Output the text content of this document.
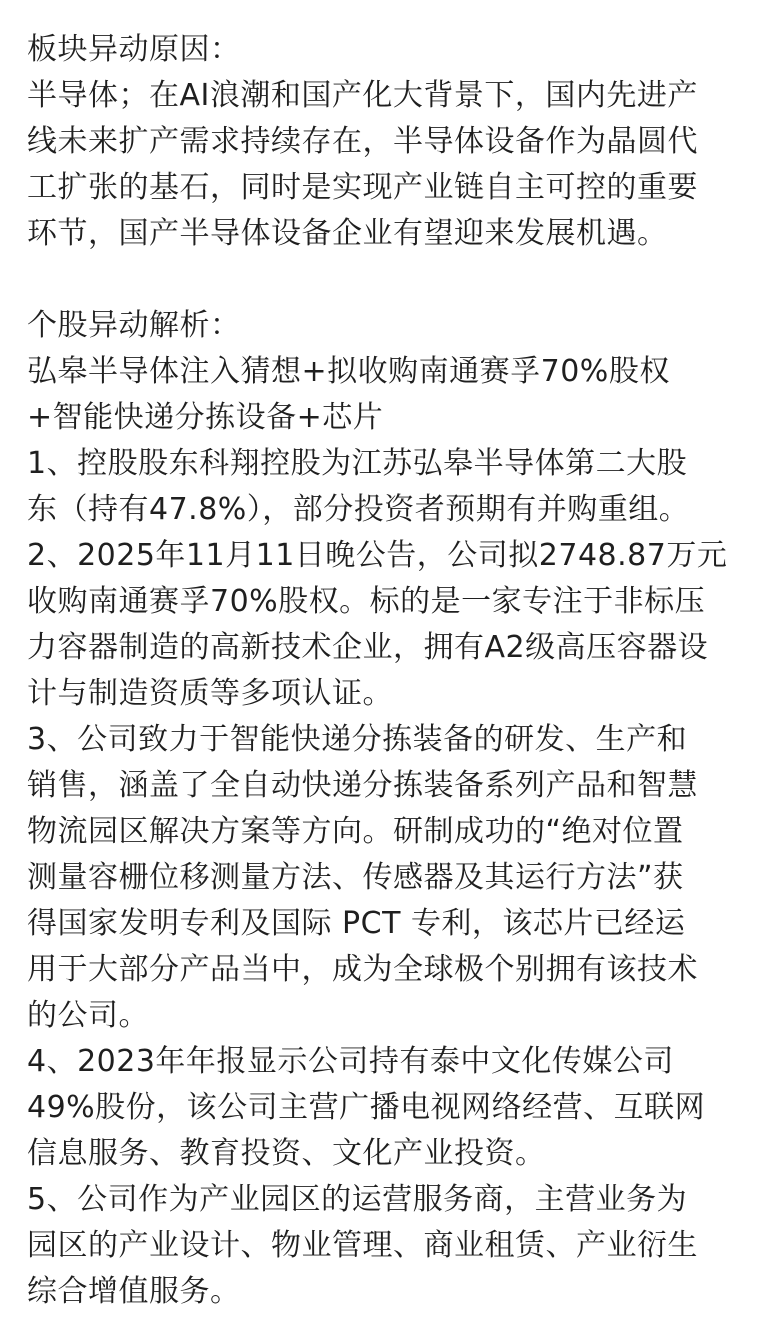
板块异动原因：
半导体；在AI浪潮和国产化大背景下，国内先进产
线未来扩产需求持续存在，半导体设备作为晶圆代
工扩张的基石，同时是实现产业链自主可控的重要
环节，国产半导体设备企业有望迎来发展机遇。
个股异动解析：
弘皋半导体注入猜想+拟收购南通赛孚70%股权
+智能快递分拣设备+芯片
1、控股股东科翔控股为江苏弘皋半导体第二大股
东（持有47.8%），部分投资者预期有并购重组。
2、2025年11月11日晚公告，公司拟2748.87万元
收购南通赛孚70%股权。标的是一家专注于非标压
力容器制造的高新技术企业，拥有A2级高压容器设
计与制造资质等多项认证。
3、公司致力于智能快递分拣装备的研发、生产和
销售，涵盖了全自动快递分拣装备系列产品和智慧
物流园区解决方案等方向。研制成功的“绝对位置
测量容栅位移测量方法、传感器及其运行方法”获
得国家发明专利及国际 PCT 专利，该芯片已经运
用于大部分产品当中，成为全球极个别拥有该技术
的公司。
4、2023年年报显示公司持有泰中文化传媒公司
49%股份，该公司主营广播电视网络经营、互联网
信息服务、教育投资、文化产业投资。
5、公司作为产业园区的运营服务商，主营业务为
园区的产业设计、物业管理、商业租赁、产业衍生
综合增值服务。
